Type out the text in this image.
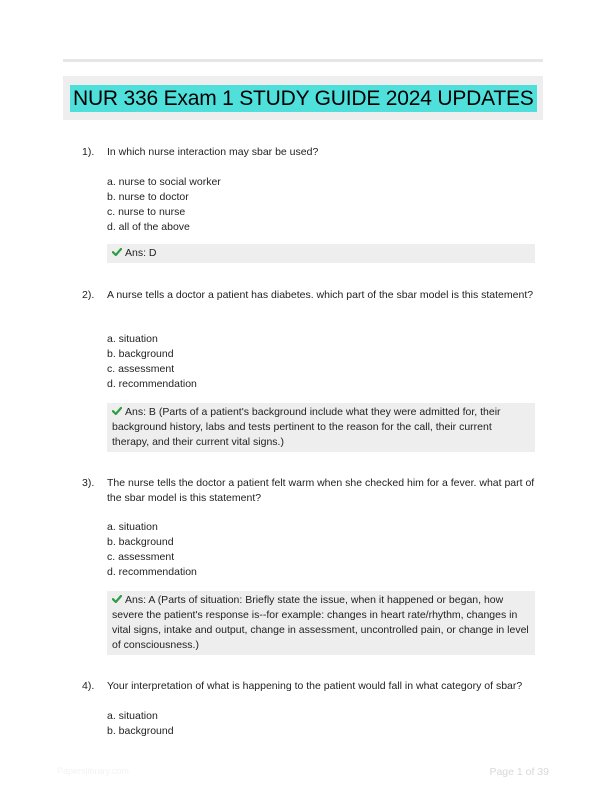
NUR 336 Exam 1 STUDY GUIDE 2024 UPDATES
1). In which nurse interaction may sbar be used?

a. nurse to social worker
b. nurse to doctor
c. nurse to nurse
d. all of the above
Ans: D
2). A nurse tells a doctor a patient has diabetes. which part of the sbar model is this statement?

a. situation
b. background
c. assessment
d. recommendation
Ans: B (Parts of a patient's background include what they were admitted for, their background history, labs and tests pertinent to the reason for the call, their current therapy, and their current vital signs.)
3). The nurse tells the doctor a patient felt warm when she checked him for a fever. what part of the sbar model is this statement?

a. situation
b. background
c. assessment
d. recommendation
Ans: A (Parts of situation: Briefly state the issue, when it happened or began, how severe the patient's response is--for example: changes in heart rate/rhythm, changes in vital signs, intake and output, change in assessment, uncontrolled pain, or change in level of consciousness.)
4). Your interpretation of what is happening to the patient would fall in what category of sbar?

a. situation
b. background
Paperslibrary.com	Page 1 of 39
